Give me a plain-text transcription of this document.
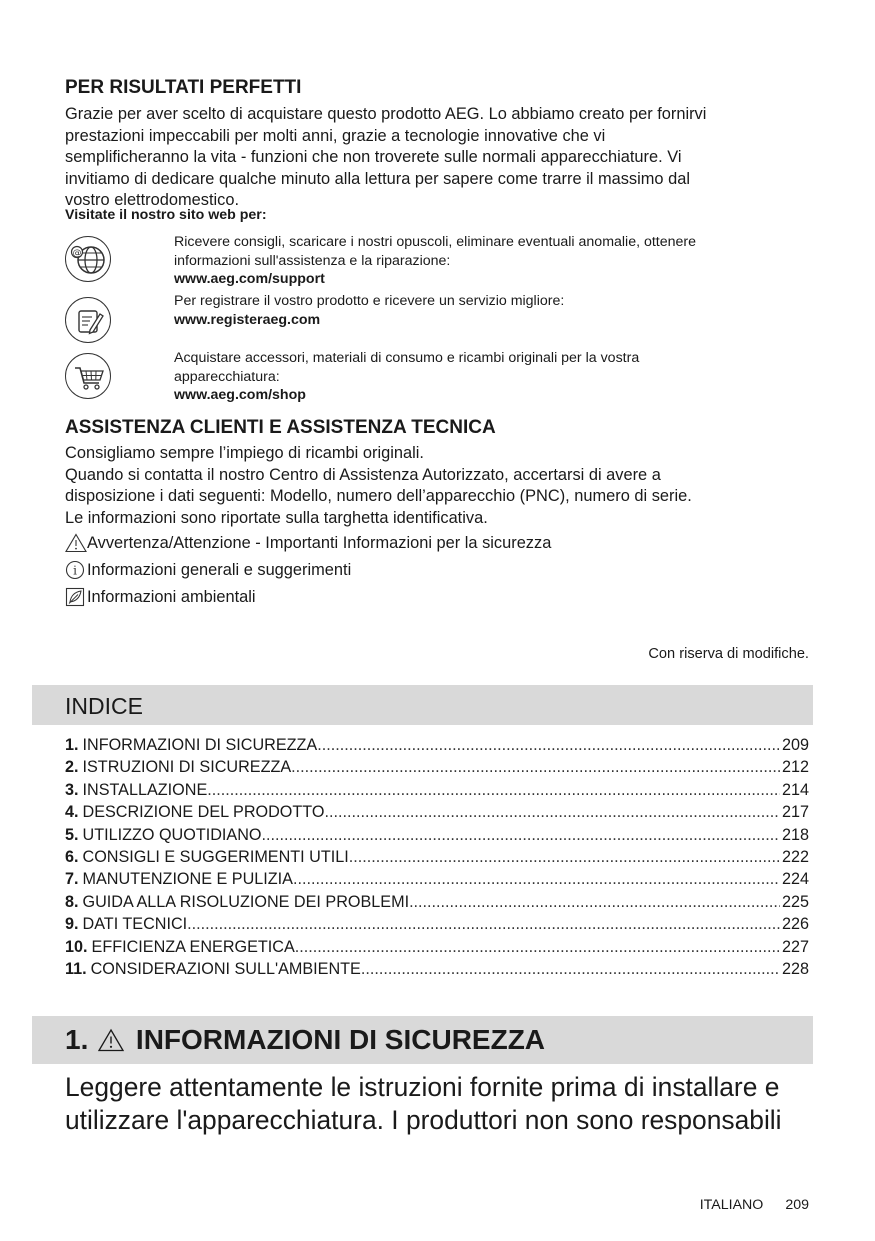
PER RISULTATI PERFETTI
Grazie per aver scelto di acquistare questo prodotto AEG. Lo abbiamo creato per fornirvi
prestazioni impeccabili per molti anni, grazie a tecnologie innovative che vi
semplificheranno la vita - funzioni che non troverete sulle normali apparecchiature. Vi
invitiamo di dedicare qualche minuto alla lettura per sapere come trarre il massimo dal
vostro elettrodomestico.
Visitate il nostro sito web per:
@
Ricevere consigli, scaricare i nostri opuscoli, eliminare eventuali anomalie, ottenere
informazioni sull'assistenza e la riparazione:
www.aeg.com/support
Per registrare il vostro prodotto e ricevere un servizio migliore:
www.registeraeg.com
Acquistare accessori, materiali di consumo e ricambi originali per la vostra
apparecchiatura:
www.aeg.com/shop
ASSISTENZA CLIENTI E ASSISTENZA TECNICA
Consigliamo sempre l’impiego di ricambi originali.
Quando si contatta il nostro Centro di Assistenza Autorizzato, accertarsi di avere a
disposizione i dati seguenti: Modello, numero dell’apparecchio (PNC), numero di serie.
Le informazioni sono riportate sulla targhetta identificativa.
Avvertenza/Attenzione - Importanti Informazioni per la sicurezza
i Informazioni generali e suggerimenti
Informazioni ambientali
Con riserva di modifiche.
INDICE
1. INFORMAZIONI DI SICUREZZA .....	209
2. ISTRUZIONI DI SICUREZZA .....	212
3. INSTALLAZIONE .....	214
4. DESCRIZIONE DEL PRODOTTO .....	217
5. UTILIZZO QUOTIDIANO .....	218
6. CONSIGLI E SUGGERIMENTI UTILI .....	222
7. MANUTENZIONE E PULIZIA .....	224
8. GUIDA ALLA RISOLUZIONE DEI PROBLEMI .....	225
9. DATI TECNICI .....	226
10. EFFICIENZA ENERGETICA .....	227
11. CONSIDERAZIONI SULL'AMBIENTE .....	228
1. INFORMAZIONI DI SICUREZZA
Leggere attentamente le istruzioni fornite prima di installare e
utilizzare l'apparecchiatura. I produttori non sono responsabili
ITALIANO 209
